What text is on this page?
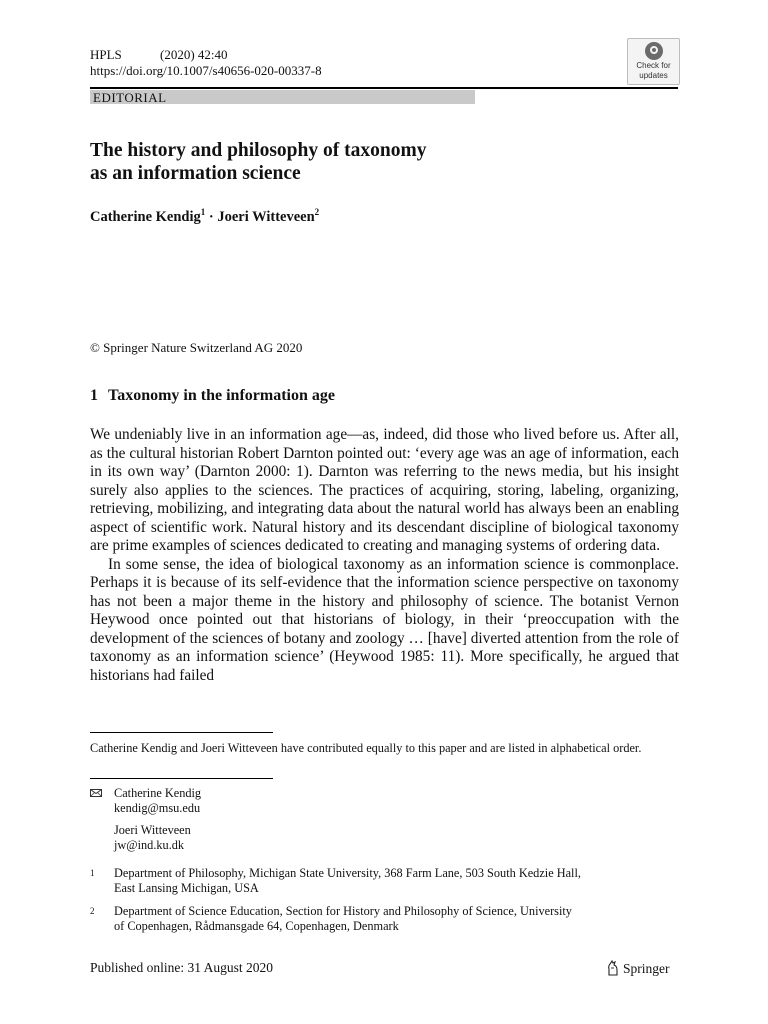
HPLS	(2020) 42:40
https://doi.org/10.1007/s40656-020-00337-8	Check for
updates
EDITORIAL
The history and philosophy of taxonomy
as an information science
Catherine Kendig$^1$ · Joeri Witteveen$^2$
© Springer Nature Switzerland AG 2020
1 Taxonomy in the information age

We undeniably live in an information age—as, indeed, did those who lived before us. After all, as the cultural historian Robert Darnton pointed out: ‘every age was an age of information, each in its own way’ (Darnton 2000: 1). Darnton was referring to the news media, but his insight surely also applies to the sciences. The practices of acquiring, storing, labeling, organizing, retrieving, mobilizing, and integrating data about the natural world has always been an enabling aspect of scientific work. Natural history and its descendant discipline of biological taxonomy are prime examples of sciences dedicated to creating and managing systems of ordering data.

In some sense, the idea of biological taxonomy as an information science is commonplace. Perhaps it is because of its self-evidence that the information science perspective on taxonomy has not been a major theme in the history and philosophy of science. The botanist Vernon Heywood once pointed out that historians of biology, in their ‘preoccupation with the development of the sciences of botany and zoology … [have] diverted attention from the role of taxonomy as an information science’ (Heywood 1985: 11). More specifically, he argued that historians had failed

Catherine Kendig and Joeri Witteveen have contributed equally to this paper and are listed in alphabetical order.
Catherine Kendig
kendig@msu.edu
Joeri Witteveen
jw@ind.ku.dk
1 Department of Philosophy, Michigan State University, 368 Farm Lane, 503 South Kedzie Hall,
East Lansing Michigan, USA
2 Department of Science Education, Section for History and Philosophy of Science, University
of Copenhagen, Rådmansgade 64, Copenhagen, Denmark
Published online: 31 August 2020	Springer
